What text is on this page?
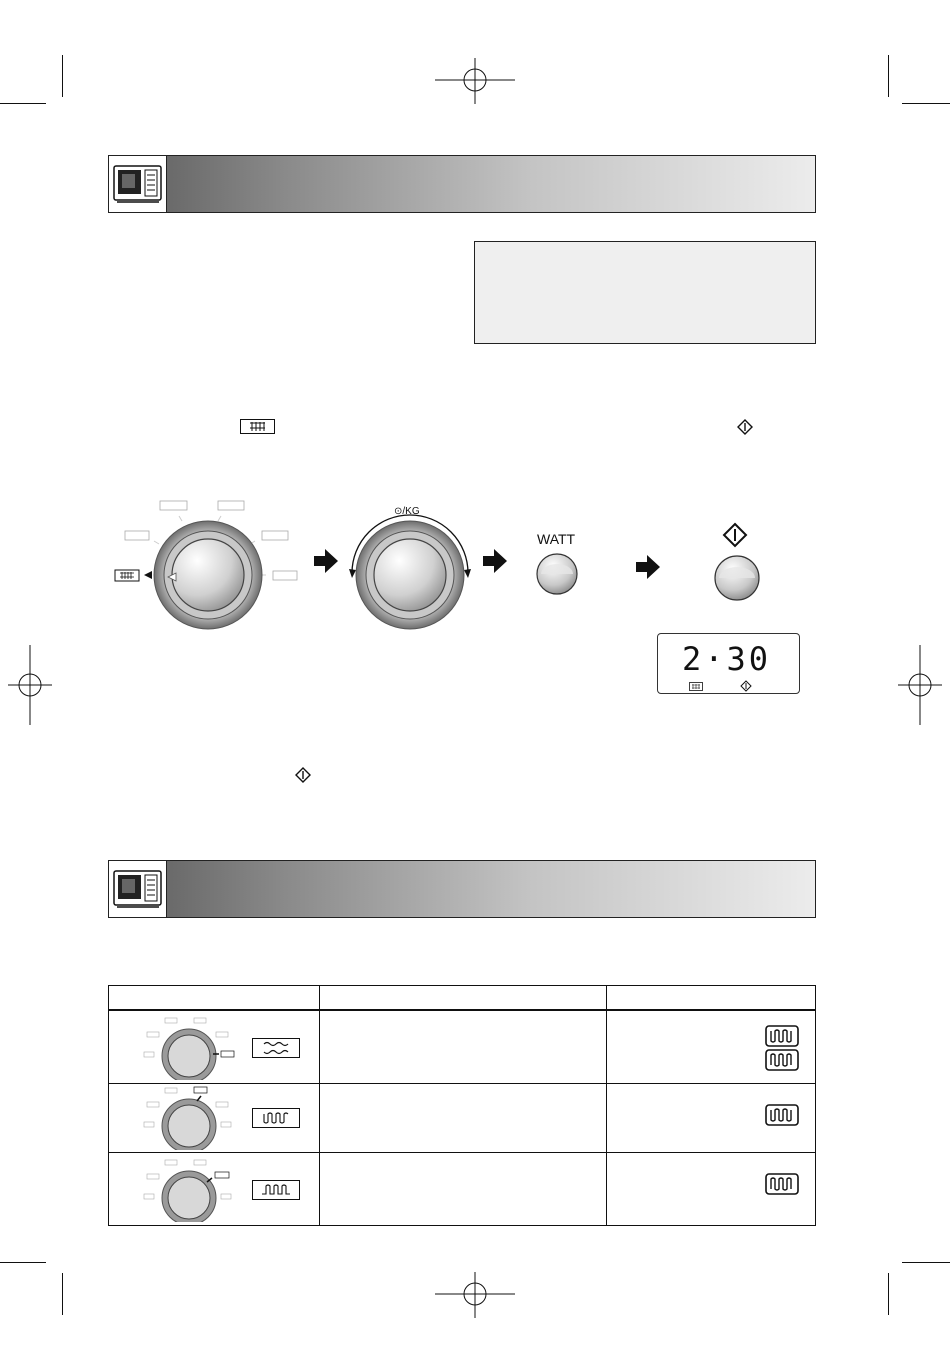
⊙/KG
WATT
2·30
